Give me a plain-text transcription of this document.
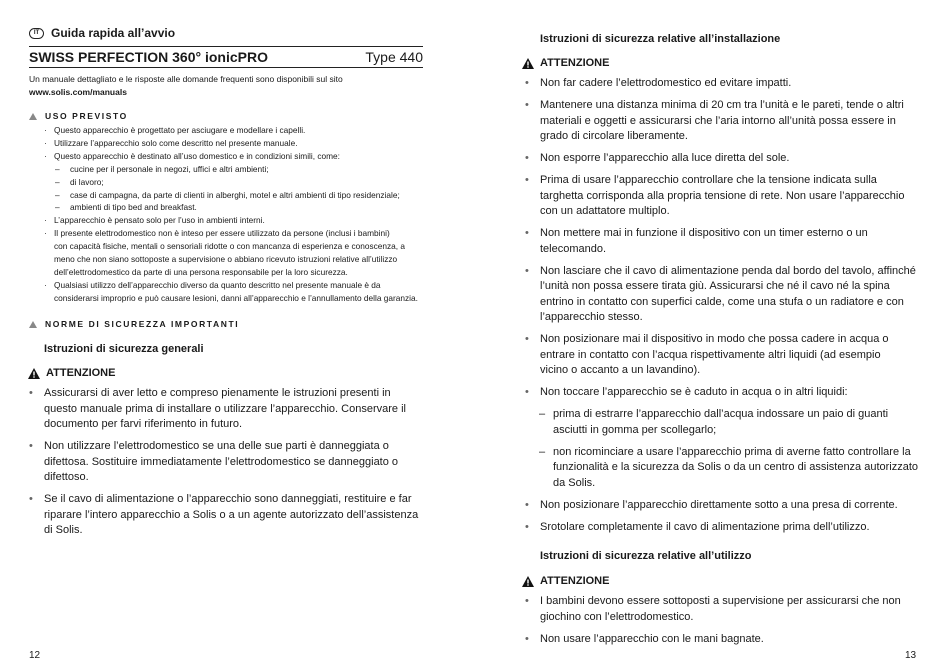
IT Guida rapida all’avvio
SWISS PERFECTION 360° ionicPRO	Type 440
Un manuale dettagliato e le risposte alle domande frequenti sono disponibili sul sito
www.solis.com/manuals
USO PREVISTO
· Questo apparecchio è progettato per asciugare e modellare i capelli.
· Utilizzare l’apparecchio solo come descritto nel presente manuale.
· Questo apparecchio è destinato all’uso domestico e in condizioni simili, come:
– cucine per il personale in negozi, uffici e altri ambienti;
– di lavoro;
– case di campagna, da parte di clienti in alberghi, motel e altri ambienti di tipo residenziale;
– ambienti di tipo bed and breakfast.
· L’apparecchio è pensato solo per l’uso in ambienti interni.
· Il presente elettrodomestico non è inteso per essere utilizzato da persone (inclusi i bambini)
con capacità fisiche, mentali o sensoriali ridotte o con mancanza di esperienza e conoscenza, a
meno che non siano sottoposte a supervisione o abbiano ricevuto istruzioni relative all’utilizzo
dell’elettrodomestico da parte di una persona responsabile per la loro sicurezza.
· Qualsiasi utilizzo dell’apparecchio diverso da quanto descritto nel presente manuale è da
considerarsi improprio e può causare lesioni, danni all’apparecchio e l’annullamento della garanzia.
NORME DI SICUREZZA IMPORTANTI
Istruzioni di sicurezza generali
ATTENZIONE
• Assicurarsi di aver letto e compreso pienamente le istruzioni presenti in
questo manuale prima di installare o utilizzare l’apparecchio. Conservare il
documento per farvi riferimento in futuro.
• Non utilizzare l’elettrodomestico se una delle sue parti è danneggiata o
difettosa. Sostituire immediatamente l’elettrodomestico se danneggiato o
difettoso.
• Se il cavo di alimentazione o l’apparecchio sono danneggiati, restituire e far
riparare l’intero apparecchio a Solis o a un agente autorizzato dell’assistenza
di Solis.
12
Istruzioni di sicurezza relative all’installazione
ATTENZIONE
• Non far cadere l’elettrodomestico ed evitare impatti.
• Mantenere una distanza minima di 20 cm tra l’unità e le pareti, tende o altri
materiali e oggetti e assicurarsi che l’aria intorno all’unità possa essere in
grado di circolare liberamente.
• Non esporre l’apparecchio alla luce diretta del sole.
• Prima di usare l’apparecchio controllare che la tensione indicata sulla
targhetta corrisponda alla propria tensione di rete. Non usare l’apparecchio
con un adattatore multiplo.
• Non mettere mai in funzione il dispositivo con un timer esterno o un
telecomando.
• Non lasciare che il cavo di alimentazione penda dal bordo del tavolo, affinché
l’unità non possa essere tirata giù. Assicurarsi che né il cavo né la spina
entrino in contatto con superfici calde, come una stufa o un radiatore e con
l’apparecchio stesso.
• Non posizionare mai il dispositivo in modo che possa cadere in acqua o
entrare in contatto con l’acqua rispettivamente altri liquidi (ad esempio
vicino o accanto a un lavandino).
• Non toccare l’apparecchio se è caduto in acqua o in altri liquidi:
– prima di estrarre l’apparecchio dall’acqua indossare un paio di guanti
asciutti in gomma per scollegarlo;
– non ricominciare a usare l’apparecchio prima di averne fatto controllare la
funzionalità e la sicurezza da Solis o da un centro di assistenza autorizzato
da Solis.
• Non posizionare l’apparecchio direttamente sotto a una presa di corrente.
• Srotolare completamente il cavo di alimentazione prima dell’utilizzo.
Istruzioni di sicurezza relative all’utilizzo
ATTENZIONE
• I bambini devono essere sottoposti a supervisione per assicurarsi che non
giochino con l’elettrodomestico.
• Non usare l’apparecchio con le mani bagnate.
13
